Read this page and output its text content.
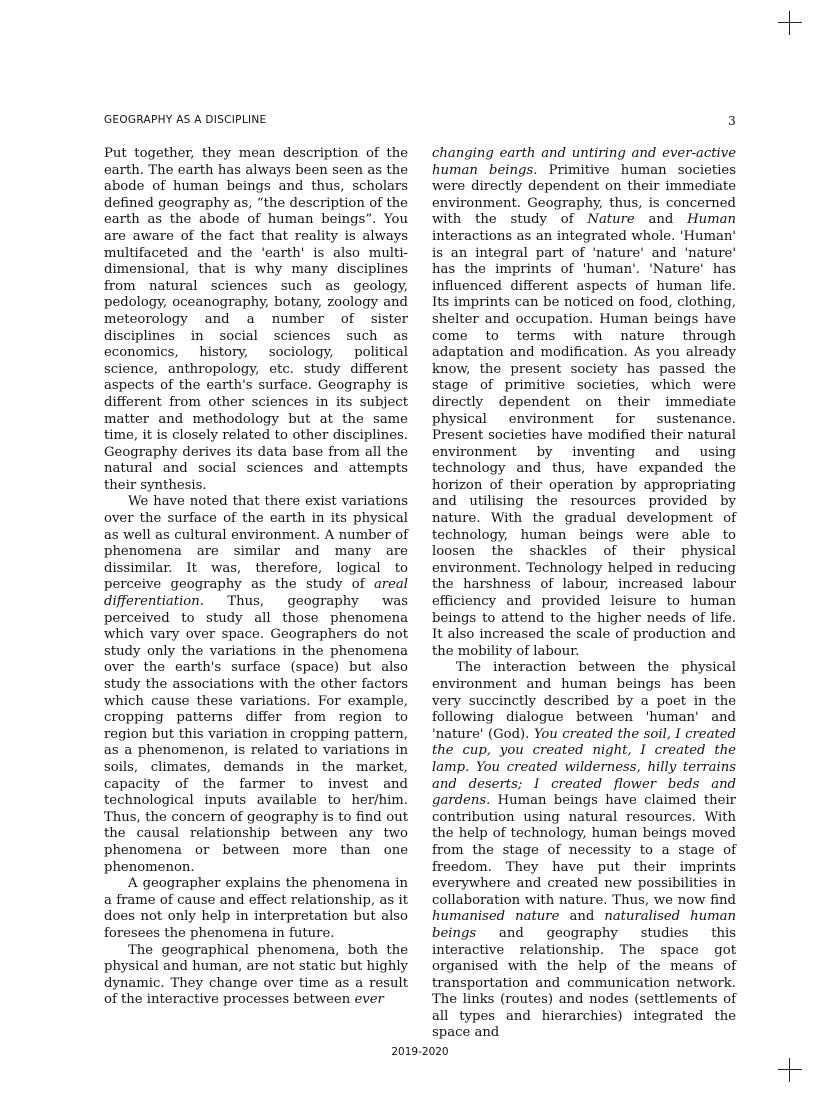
GEOGRAPHY AS A DISCIPLINE	3

Put together, they mean description of the earth. The earth has always been seen as the abode of human beings and thus, scholars defined geography as, “the description of the earth as the abode of human beings”. You are aware of the fact that reality is always multifaceted and the 'earth' is also multi-dimensional, that is why many disciplines from natural sciences such as geology, pedology, oceanography, botany, zoology and meteorology and a number of sister disciplines in social sciences such as economics, history, sociology, political science, anthropology, etc. study different aspects of the earth's surface. Geography is different from other sciences in its subject matter and methodology but at the same time, it is closely related to other disciplines. Geography derives its data base from all the natural and social sciences and attempts their synthesis.

We have noted that there exist variations over the surface of the earth in its physical as well as cultural environment. A number of phenomena are similar and many are dissimilar. It was, therefore, logical to perceive geography as the study of areal differentiation. Thus, geography was perceived to study all those phenomena which vary over space. Geographers do not study only the variations in the phenomena over the earth's surface (space) but also study the associations with the other factors which cause these variations. For example, cropping patterns differ from region to region but this variation in cropping pattern, as a phenomenon, is related to variations in soils, climates, demands in the market, capacity of the farmer to invest and technological inputs available to her/him. Thus, the concern of geography is to find out the causal relationship between any two phenomena or between more than one phenomenon.

A geographer explains the phenomena in a frame of cause and effect relationship, as it does not only help in interpretation but also foresees the phenomena in future.

The geographical phenomena, both the physical and human, are not static but highly dynamic. They change over time as a result of the interactive processes between ever

changing earth and untiring and ever-active human beings. Primitive human societies were directly dependent on their immediate environment. Geography, thus, is concerned with the study of Nature and Human interactions as an integrated whole. 'Human' is an integral part of 'nature' and 'nature' has the imprints of 'human'. 'Nature' has influenced different aspects of human life. Its imprints can be noticed on food, clothing, shelter and occupation. Human beings have come to terms with nature through adaptation and modification. As you already know, the present society has passed the stage of primitive societies, which were directly dependent on their immediate physical environment for sustenance. Present societies have modified their natural environment by inventing and using technology and thus, have expanded the horizon of their operation by appropriating and utilising the resources provided by nature. With the gradual development of technology, human beings were able to loosen the shackles of their physical environment. Technology helped in reducing the harshness of labour, increased labour efficiency and provided leisure to human beings to attend to the higher needs of life. It also increased the scale of production and the mobility of labour.

The interaction between the physical environment and human beings has been very succinctly described by a poet in the following dialogue between 'human' and 'nature' (God). You created the soil, I created the cup, you created night, I created the lamp. You created wilderness, hilly terrains and deserts; I created flower beds and gardens. Human beings have claimed their contribution using natural resources. With the help of technology, human beings moved from the stage of necessity to a stage of freedom. They have put their imprints everywhere and created new possibilities in collaboration with nature. Thus, we now find humanised nature and naturalised human beings and geography studies this interactive relationship. The space got organised with the help of the means of transportation and communication network. The links (routes) and nodes (settlements of all types and hierarchies) integrated the space and

2019-2020
